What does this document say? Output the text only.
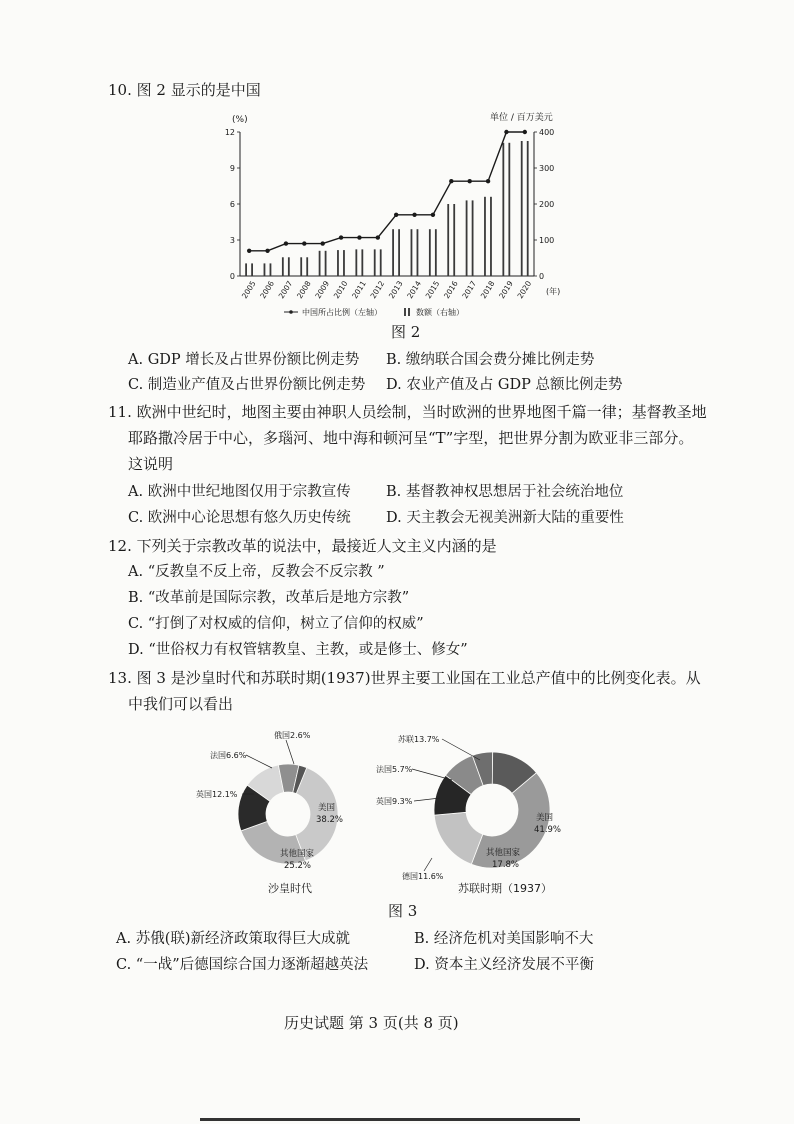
10. 图 2 显示的是中国
(%)	单位 / 百万美元
0
3
6
9
12
0
100
200
300
400
2005 2006 2007 2008 2009 2010 2011 2012 2013 2014 2015 2016 2017 2018 2019 2020 (年)
中国所占比例（左轴）	数额（右轴）
图 2
A. GDP 增长及占世界份额比例走势 B. 缴纳联合国会费分摊比例走势
C. 制造业产值及占世界份额比例走势 D. 农业产值及占 GDP 总额比例走势
11. 欧洲中世纪时，地图主要由神职人员绘制，当时欧洲的世界地图千篇一律；基督教圣地
耶路撒冷居于中心，多瑙河、地中海和顿河呈“T”字型，把世界分割为欧亚非三部分。
这说明
A. 欧洲中世纪地图仅用于宗教宣传 B. 基督教神权思想居于社会统治地位
C. 欧洲中心论思想有悠久历史传统 D. 天主教会无视美洲新大陆的重要性
12. 下列关于宗教改革的说法中，最接近人文主义内涵的是
A. “反教皇不反上帝，反教会不反宗教 ”
B. “改革前是国际宗教，改革后是地方宗教”
C. “打倒了对权威的信仰，树立了信仰的权威”
D. “世俗权力有权管辖教皇、主教，或是修士、修女”
13. 图 3 是沙皇时代和苏联时期(1937)世界主要工业国在工业总产值中的比例变化表。从
中我们可以看出
美国
38.2%
其他国家
25.2%
英国12.1%
法国6.6%
俄国2.6%
沙皇时代
美国
41.9%
其他国家
17.8%
德国11.6%
英国9.3%
法国5.7%
苏联13.7%
苏联时期（1937）
图 3
A. 苏俄(联)新经济政策取得巨大成就	B. 经济危机对美国影响不大
C. “一战”后德国综合国力逐渐超越英法	D. 资本主义经济发展不平衡
历史试题 第 3 页(共 8 页)
